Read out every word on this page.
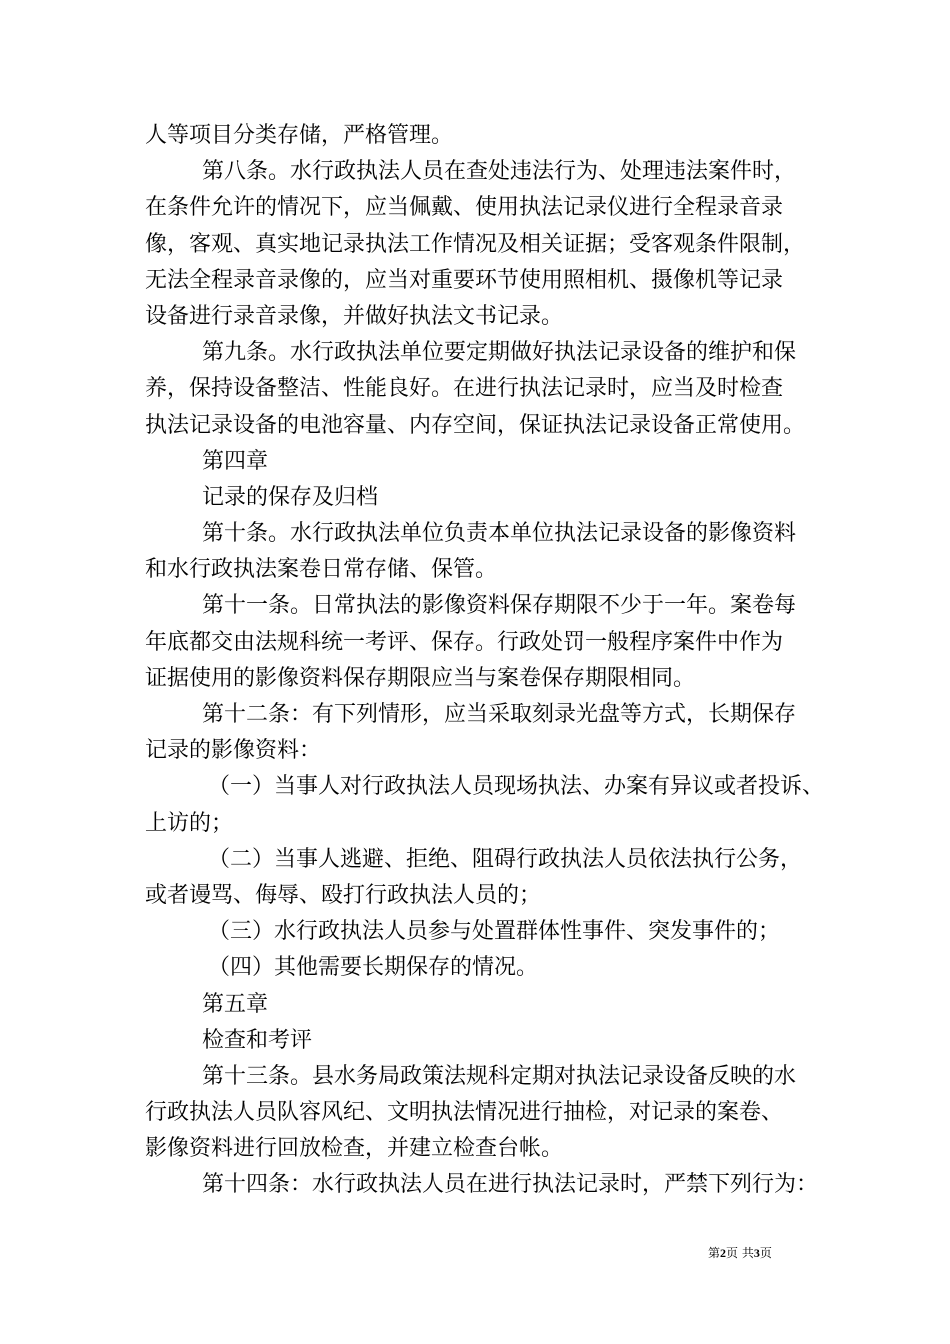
人等项目分类存储，严格管理。
第八条。水行政执法人员在查处违法行为、处理违法案件时，
在条件允许的情况下，应当佩戴、使用执法记录仪进行全程录音录
像，客观、真实地记录执法工作情况及相关证据；受客观条件限制，
无法全程录音录像的，应当对重要环节使用照相机、摄像机等记录
设备进行录音录像，并做好执法文书记录。
第九条。水行政执法单位要定期做好执法记录设备的维护和保
养，保持设备整洁、性能良好。在进行执法记录时，应当及时检查
执法记录设备的电池容量、内存空间，保证执法记录设备正常使用。
第四章
记录的保存及归档
第十条。水行政执法单位负责本单位执法记录设备的影像资料
和水行政执法案卷日常存储、保管。
第十一条。日常执法的影像资料保存期限不少于一年。案卷每
年底都交由法规科统一考评、保存。行政处罚一般程序案件中作为
证据使用的影像资料保存期限应当与案卷保存期限相同。
第十二条：有下列情形，应当采取刻录光盘等方式，长期保存
记录的影像资料：
（一）当事人对行政执法人员现场执法、办案有异议或者投诉、
上访的；
（二）当事人逃避、拒绝、阻碍行政执法人员依法执行公务，
或者谩骂、侮辱、殴打行政执法人员的；
（三）水行政执法人员参与处置群体性事件、突发事件的；
（四）其他需要长期保存的情况。
第五章
检查和考评
第十三条。县水务局政策法规科定期对执法记录设备反映的水
行政执法人员队容风纪、文明执法情况进行抽检，对记录的案卷、
影像资料进行回放检查，并建立检查台帐。
第十四条：水行政执法人员在进行执法记录时，严禁下列行为：
第2页 共3页
